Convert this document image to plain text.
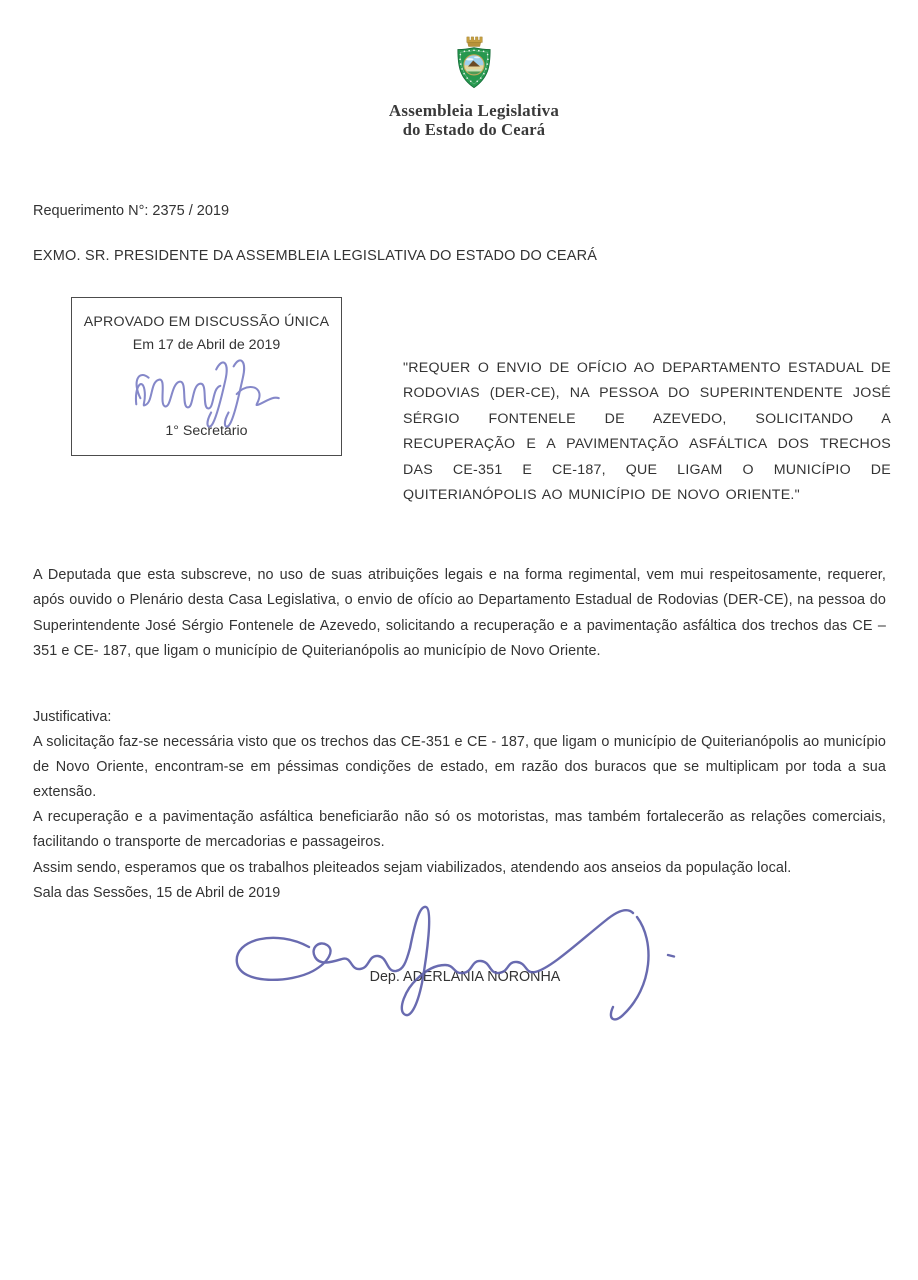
Assembleia Legislativa
do Estado do Ceará
Requerimento N°: 2375 / 2019
EXMO. SR. PRESIDENTE DA ASSEMBLEIA LEGISLATIVA DO ESTADO DO CEARÁ
APROVADO EM DISCUSSÃO ÚNICA
Em 17 de Abril de 2019
1° Secretario
"REQUER O ENVIO DE OFÍCIO AO DEPARTAMENTO ESTADUAL DE RODOVIAS (DER-CE), NA PESSOA DO SUPERINTENDENTE JOSÉ SÉRGIO FONTENELE DE AZEVEDO, SOLICITANDO A RECUPERAÇÃO E A PAVIMENTAÇÃO ASFÁLTICA DOS TRECHOS DAS CE-351 E CE-187, QUE LIGAM O MUNICÍPIO DE QUITERIANÓPOLIS AO MUNICÍPIO DE NOVO ORIENTE."
A Deputada que esta subscreve, no uso de suas atribuições legais e na forma regimental, vem mui respeitosamente, requerer, após ouvido o Plenário desta Casa Legislativa, o envio de ofício ao Departamento Estadual de Rodovias (DER-CE), na pessoa do Superintendente José Sérgio Fontenele de Azevedo, solicitando a recuperação e a pavimentação asfáltica dos trechos das CE – 351 e CE- 187, que ligam o município de Quiterianópolis ao município de Novo Oriente.
Justificativa:
A solicitação faz-se necessária visto que os trechos das CE-351 e CE - 187, que ligam o município de Quiterianópolis ao município de Novo Oriente, encontram-se em péssimas condições de estado, em razão dos buracos que se multiplicam por toda a sua extensão.
A recuperação e a pavimentação asfáltica beneficiarão não só os motoristas, mas também fortalecerão as relações comerciais, facilitando o transporte de mercadorias e passageiros.
Assim sendo, esperamos que os trabalhos pleiteados sejam viabilizados, atendendo aos anseios da população local.
Sala das Sessões, 15 de Abril de 2019
Dep. ADERLANIA NORONHA
